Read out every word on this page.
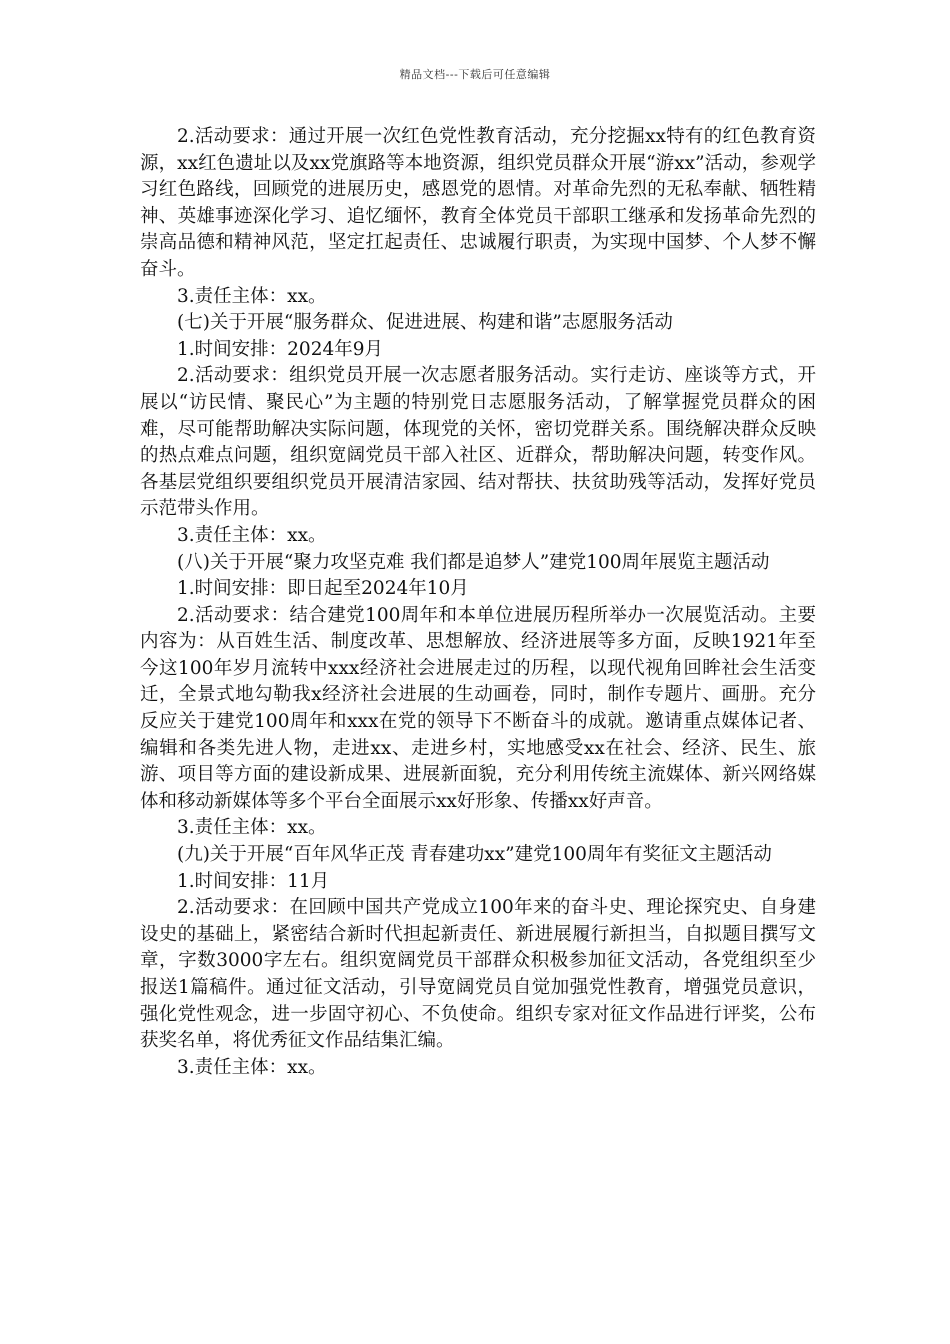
精品文档---下载后可任意编辑

2.活动要求：通过开展一次红色党性教育活动，充分挖掘xx特有的红色教育资源，xx红色遗址以及xx党旗路等本地资源，组织党员群众开展“游xx”活动，参观学习红色路线，回顾党的进展历史，感恩党的恩情。对革命先烈的无私奉献、牺牲精神、英雄事迹深化学习、追忆缅怀，教育全体党员干部职工继承和发扬革命先烈的崇高品德和精神风范，坚定扛起责任、忠诚履行职责，为实现中国梦、个人梦不懈奋斗。

3.责任主体：xx。

(七)关于开展“服务群众、促进进展、构建和谐”志愿服务活动

1.时间安排：2024年9月

2.活动要求：组织党员开展一次志愿者服务活动。实行走访、座谈等方式，开展以“访民情、聚民心”为主题的特别党日志愿服务活动，了解掌握党员群众的困难，尽可能帮助解决实际问题，体现党的关怀，密切党群关系。围绕解决群众反映的热点难点问题，组织宽阔党员干部入社区、近群众，帮助解决问题，转变作风。各基层党组织要组织党员开展清洁家园、结对帮扶、扶贫助残等活动，发挥好党员示范带头作用。

3.责任主体：xx。

(八)关于开展“聚力攻坚克难 我们都是追梦人”建党100周年展览主题活动

1.时间安排：即日起至2024年10月

2.活动要求：结合建党100周年和本单位进展历程所举办一次展览活动。主要内容为：从百姓生活、制度改革、思想解放、经济进展等多方面，反映1921年至今这100年岁月流转中xxx经济社会进展走过的历程，以现代视角回眸社会生活变迁，全景式地勾勒我x经济社会进展的生动画卷，同时，制作专题片、画册。充分反应关于建党100周年和xxx在党的领导下不断奋斗的成就。邀请重点媒体记者、编辑和各类先进人物，走进xx、走进乡村，实地感受xx在社会、经济、民生、旅游、项目等方面的建设新成果、进展新面貌，充分利用传统主流媒体、新兴网络媒体和移动新媒体等多个平台全面展示xx好形象、传播xx好声音。

3.责任主体：xx。

(九)关于开展“百年风华正茂 青春建功xx”建党100周年有奖征文主题活动

1.时间安排：11月

2.活动要求：在回顾中国共产党成立100年来的奋斗史、理论探究史、自身建设史的基础上，紧密结合新时代担起新责任、新进展履行新担当，自拟题目撰写文章，字数3000字左右。组织宽阔党员干部群众积极参加征文活动，各党组织至少报送1篇稿件。通过征文活动，引导宽阔党员自觉加强党性教育，增强党员意识，强化党性观念，进一步固守初心、不负使命。组织专家对征文作品进行评奖，公布获奖名单，将优秀征文作品结集汇编。

3.责任主体：xx。
